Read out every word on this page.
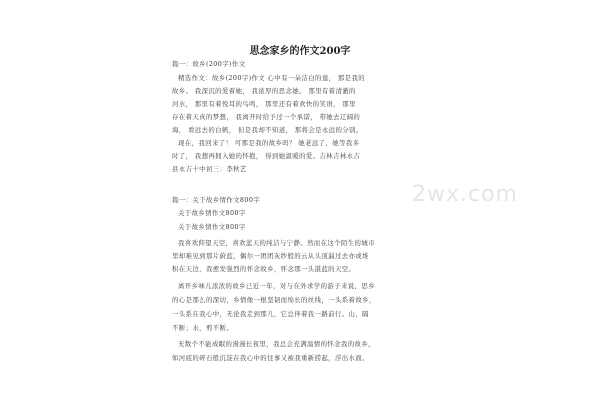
思念家乡的作文200字
篇一：故乡(200字)作文
精选作文：故乡(200字)作文 心中有一朵洁白的莲， 那是我的
故乡。 我深沉的爱着她， 我浓厚的思念她。 那里有着清澈的
河水， 那里有着悦耳的鸟鸣， 那里还有着欢快的笑语， 那里
存在着天真的梦想， 我离开时给予过一个承诺， 带她去辽阔的
海， 看远去的白帆， 但是我却不知道， 那将会是永远的分别。
现在，我回来了！ 可那是我的故乡吗？ 她老远了，她等我多
时了， 我想再拥入她的怀抱， 得到她温暖的爱。吉林吉林永吉
县永吉十中初三：李秋艺
篇一：关于故乡情作文800字
关于故乡情作文800字
关于故乡情作文800字
我喜欢仰望天空，喜欢蓝天的纯洁与宁静。然而在这个陌生的城市
里却难见到那片蔚蓝，偶尔一团团灰纱般的云从头顶漏过去亦或堆
积在天边，我愈发强烈的怀念故乡，怀念那一头湛蓝的天空。
离开乡味儿浓浓的故乡已近一年，对与在外求学的游子来说，思乡
的心是那么的深切，乡情像一根坚韧而绵长的丝线，一头系着故乡，
一头系在我心中，无论我走到那儿，它总伴着我一路前行。山，隔
不断；水，剪不断。
无数个不能成眠的漫漫长夜里，我总会充满温情的怀念我的故乡，
如河底的碎石般沉淀在我心中的往事又被我重新捞起，浮出水面。
2wx.com
